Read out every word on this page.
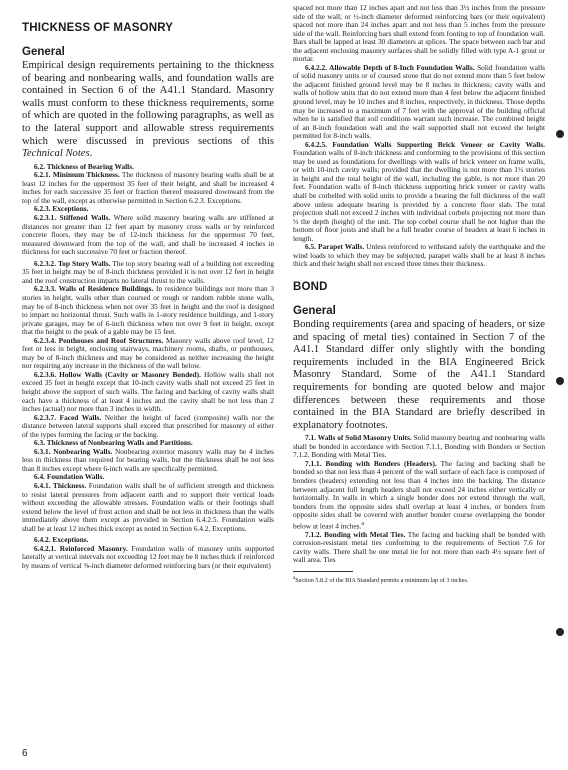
THICKNESS OF MASONRY
General

Empirical design requirements pertaining to the thickness of bearing and nonbearing walls, and foundation walls are contained in Section 6 of the A41.1 Standard. Masonry walls must conform to these thickness requirements, some of which are quoted in the following paragraphs, as well as to the lateral support and allowable stress requirements which were discussed in previous sections of this Technical Notes.

6.2. Thickness of Bearing Walls.

6.2.1. Minimum Thickness. The thickness of masonry bearing walls shall be at least 12 inches for the uppermost 35 feet of their height, and shall be increased 4 inches for each successive 35 feet or fraction thereof measured downward from the top of the wall, except as otherwise permitted in Section 6.2.3. Exceptions.

6.2.3. Exceptions.

6.2.3.1. Stiffened Walls. Where solid masonry bearing walls are stiffened at distances not greater than 12 feet apart by masonry cross walls or by reinforced concrete floors, they may be of 12-inch thickness for the uppermost 70 feet, measured downward from the top of the wall, and shall be increased 4 inches in thickness for each successive 70 feet or fraction thereof.

6.2.3.2. Top Story Walls. The top story bearing wall of a building not exceeding 35 feet in height may be of 8-inch thickness provided it is not over 12 feet in height and the roof construction imparts no lateral thrust to the walls.

6.2.3.3. Walls of Residence Buildings. In residence buildings not more than 3 stories in height, walls other than coursed or rough or random rubble stone walls, may be of 8-inch thickness when not over 35 feet in height and the roof is designed to impart no horizontal thrust. Such walls in 1-story residence buildings, and 1-story private garages, may be of 6-inch thickness when not over 9 feet in height, except that the height to the peak of a gable may be 15 feet.

6.2.3.4. Penthouses and Roof Structures. Masonry walls above roof level, 12 feet or less in height, enclosing stairways, machinery rooms, shafts, or penthouses, may be of 8-inch thickness and may be considered as neither increasing the height nor requiring any increase in the thickness of the wall below.

6.2.3.6. Hollow Walls (Cavity or Masonry Bonded). Hollow walls shall not exceed 35 feet in height except that 10-inch cavity walls shall not exceed 25 feet in height above the support of such walls. The facing and backing of cavity walls shall each have a thickness of at least 4 inches and the cavity shall be not less than 2 inches (actual) nor more than 3 inches in width.

6.2.3.7. Faced Walls. Neither the height of faced (composite) walls nor the distance between lateral supports shall exceed that prescribed for masonry of either of the types forming the facing or the backing.

6.3. Thickness of Nonbearing Walls and Partitions.

6.3.1. Nonbearing Walls. Nonbearing exterior masonry walls may be 4 inches less in thickness than required for bearing walls, but the thickness shall be not less than 8 inches except where 6-inch walls are specifically permitted.

6.4. Foundation Walls.

6.4.1. Thickness. Foundation walls shall be of sufficient strength and thickness to resist lateral pressures from adjacent earth and to support their vertical loads without exceeding the allowable stresses. Foundation walls or their footings shall extend below the level of frost action and shall be not less in thickness than the walls immediately above them except as provided in Section 6.4.2.5. Foundation walls shall be at least 12 inches thick except as noted in Section 6.4.2, Exceptions.

6.4.2. Exceptions.

6.4.2.1. Reinforced Masonry. Foundation walls of masonry units supported laterally at vertical intervals not exceeding 12 feet may be 8 inches thick if reinforced by means of vertical ⅜-inch diameter deformed reinforcing bars (or their equivalent)

spaced not more than 12 inches apart and not less than 3½ inches from the pressure side of the wall; or ½-inch diameter deformed reinforcing bars (or their equivalent) spaced not more than 24 inches apart and not less than 5 inches from the pressure side of the wall. Reinforcing bars shall extend from footing to top of foundation wall. Bars shall be lapped at least 30 diameters at splices. The space between each bar and the adjacent enclosing masonry surfaces shall be solidly filled with type A-1 grout or mortar.

6.4.2.2. Allowable Depth of 8-Inch Foundation Walls. Solid foundation walls of solid masonry units or of coursed stone that do not extend more than 5 feet below the adjacent finished ground level may be 8 inches in thickness; cavity walls and walls of hollow units that do not extend more than 4 feet below the adjacent finished ground level, may be 10 inches and 8 inches, respectively, in thickness. Those depths may be increased to a maximum of 7 feet with the approval of the building official when he is satisfied that soil conditions warrant such increase. The combined height of an 8-inch foundation wall and the wall supported shall not exceed the height permitted for 8-inch walls.

6.4.2.5. Foundation Walls Supporting Brick Veneer or Cavity Walls. Foundation walls of 8-inch thickness and conforming to the provisions of this section may be used as foundations for dwellings with walls of brick veneer on frame walls, or with 10-inch cavity walls; provided that the dwelling is not more than 1½ stories in height and the total height of the wall, including the gable, is not more than 20 feet. Foundation walls of 8-inch thickness supporting brick veneer or cavity walls shall be corbelled with solid units to provide a bearing the full thickness of the wall above unless adequate bearing is provided by a concrete floor slab. The total projection shall not exceed 2 inches with individual corbels projecting not more than ⅓ the depth (height) of the unit. The top corbel course shall be not higher than the bottom of floor joists and shall be a full header course of headers at least 6 inches in length.

6.5. Parapet Walls. Unless reinforced to withstand safely the earthquake and the wind loads to which they may be subjected, parapet walls shall be at least 8 inches thick and their height shall not exceed three times their thickness.

BOND
General

Bonding requirements (area and spacing of headers, or size and spacing of metal ties) contained in Section 7 of the A41.1 Standard differ only slightly with the bonding requirements included in the BIA Engineered Brick Masonry Standard. Some of the A41.1 Standard requirements for bonding are quoted below and major differences between these requirements and those contained in the BIA Standard are briefly described in explanatory footnotes.

7.1. Walls of Solid Masonry Units. Solid masonry bearing and nonbearing walls shall be bonded in accordance with Section 7.1.1, Bonding with Bonders or Section 7.1.2. Bonding with Metal Ties.

7.1.1. Bonding with Bonders (Headers). The facing and backing shall be bonded so that not less than 4 percent of the wall surface of each face is composed of bonders (headers) extending not less than 4 inches into the backing. The distance between adjacent full length headers shall not exceed 24 inches either vertically or horizontally. In walls in which a single bonder does not extend through the wall, bonders from the opposite sides shall overlap at least 4 inches, or bonders from opposite sides shall be covered with another bonder course overlapping the bonder below at least 4 inches.$^a$

7.1.2. Bonding with Metal Ties. The facing and backing shall be bonded with corrosion-resistant metal ties conforming to the requirements of Section 7.6 for cavity walls. There shall be one metal tie for not more than each 4½ square feet of wall area. Ties

$^a$Section 5.8.2 of the BIA Standard permits a minimum lap of 3 inches.

6
